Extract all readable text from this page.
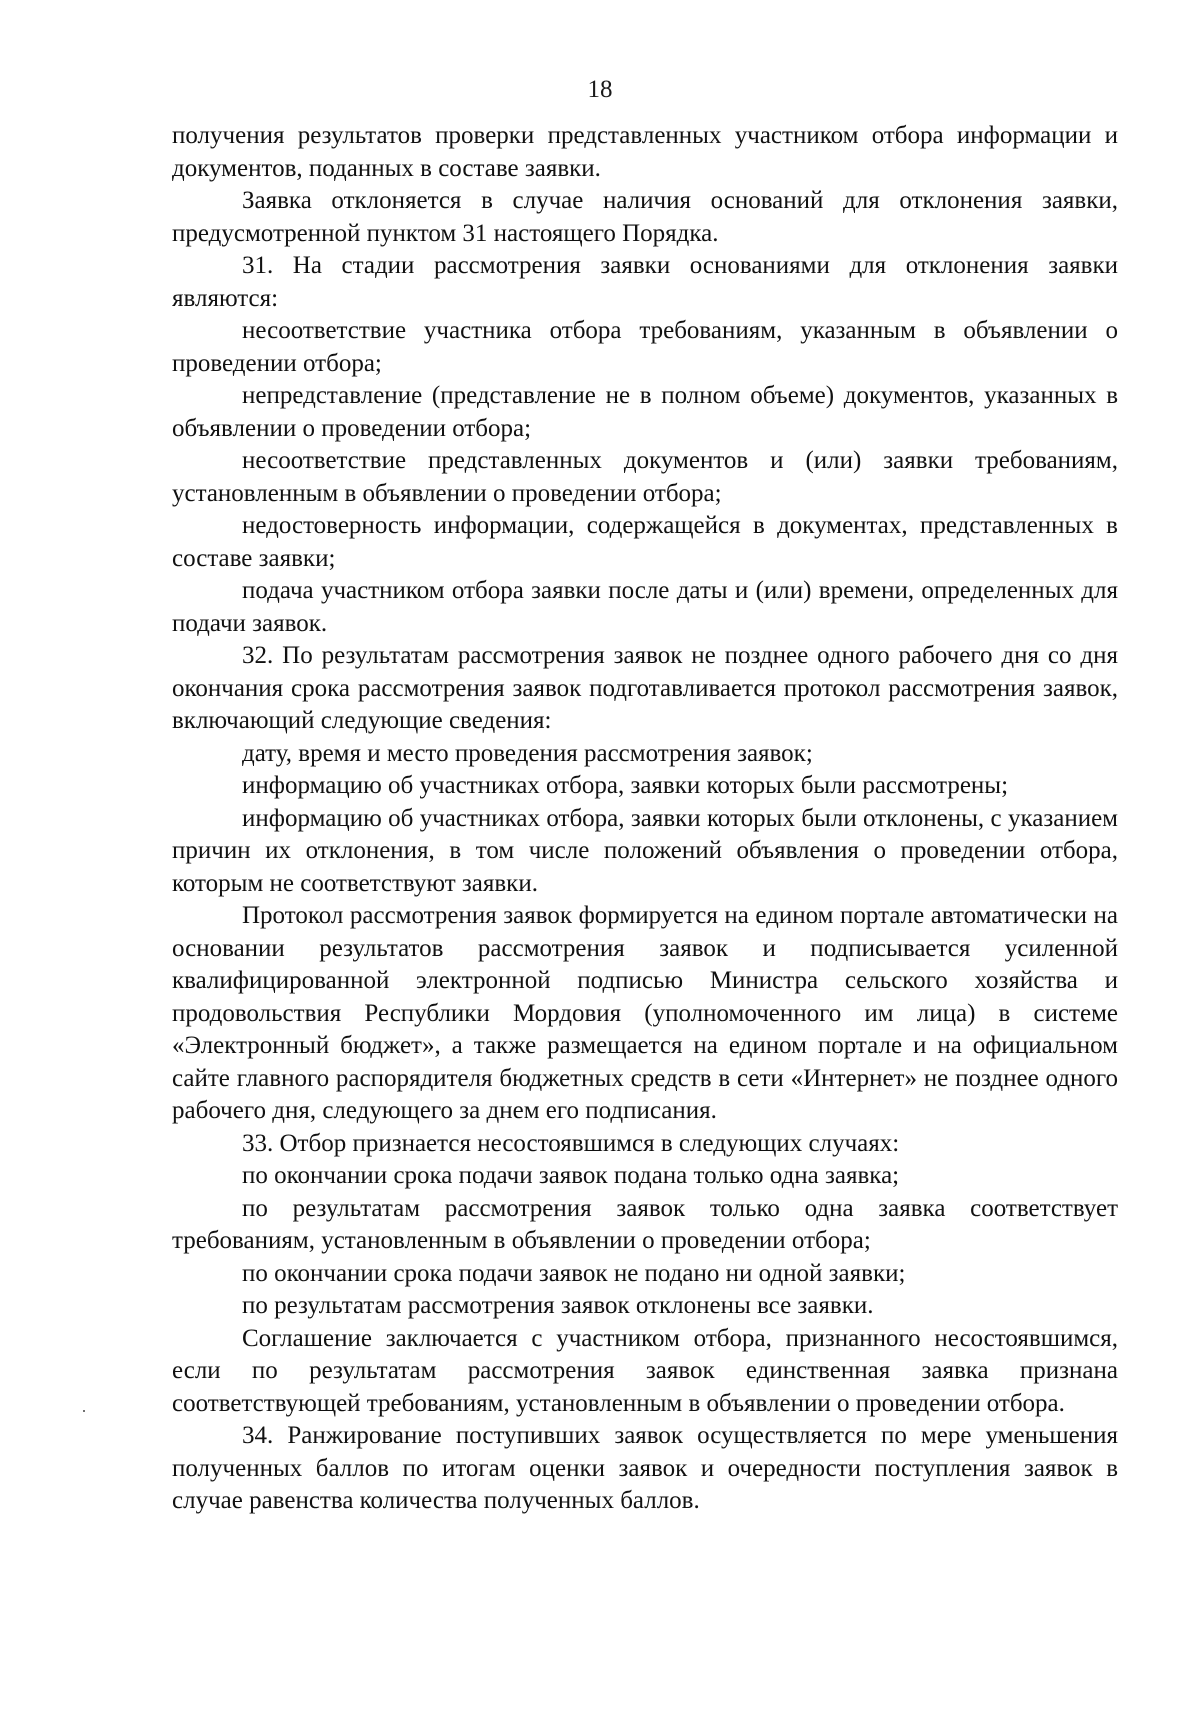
18

получения результатов проверки представленных участником отбора информации и документов, поданных в составе заявки.

Заявка отклоняется в случае наличия оснований для отклонения заявки, предусмотренной пунктом 31 настоящего Порядка.

31. На стадии рассмотрения заявки основаниями для отклонения заявки являются:

несоответствие участника отбора требованиям, указанным в объявлении о проведении отбора;

непредставление (представление не в полном объеме) документов, указанных в объявлении о проведении отбора;

несоответствие представленных документов и (или) заявки требованиям, установленным в объявлении о проведении отбора;

недостоверность информации, содержащейся в документах, представленных в составе заявки;

подача участником отбора заявки после даты и (или) времени, определенных для подачи заявок.

32. По результатам рассмотрения заявок не позднее одного рабочего дня со дня окончания срока рассмотрения заявок подготавливается протокол рассмотрения заявок, включающий следующие сведения:

дату, время и место проведения рассмотрения заявок;

информацию об участниках отбора, заявки которых были рассмотрены;

информацию об участниках отбора, заявки которых были отклонены, с указанием причин их отклонения, в том числе положений объявления о проведении отбора, которым не соответствуют заявки.

Протокол рассмотрения заявок формируется на едином портале автоматически на основании результатов рассмотрения заявок и подписывается усиленной квалифицированной электронной подписью Министра сельского хозяйства и продовольствия Республики Мордовия (уполномоченного им лица) в системе «Электронный бюджет», а также размещается на едином портале и на официальном сайте главного распорядителя бюджетных средств в сети «Интернет» не позднее одного рабочего дня, следующего за днем его подписания.

33. Отбор признается несостоявшимся в следующих случаях:

по окончании срока подачи заявок подана только одна заявка;

по результатам рассмотрения заявок только одна заявка соответствует требованиям, установленным в объявлении о проведении отбора;

по окончании срока подачи заявок не подано ни одной заявки;

по результатам рассмотрения заявок отклонены все заявки.

Соглашение заключается с участником отбора, признанного несостоявшимся, если по результатам рассмотрения заявок единственная заявка признана соответствующей требованиям, установленным в объявлении о проведении отбора.

34. Ранжирование поступивших заявок осуществляется по мере уменьшения полученных баллов по итогам оценки заявок и очередности поступления заявок в случае равенства количества полученных баллов.
